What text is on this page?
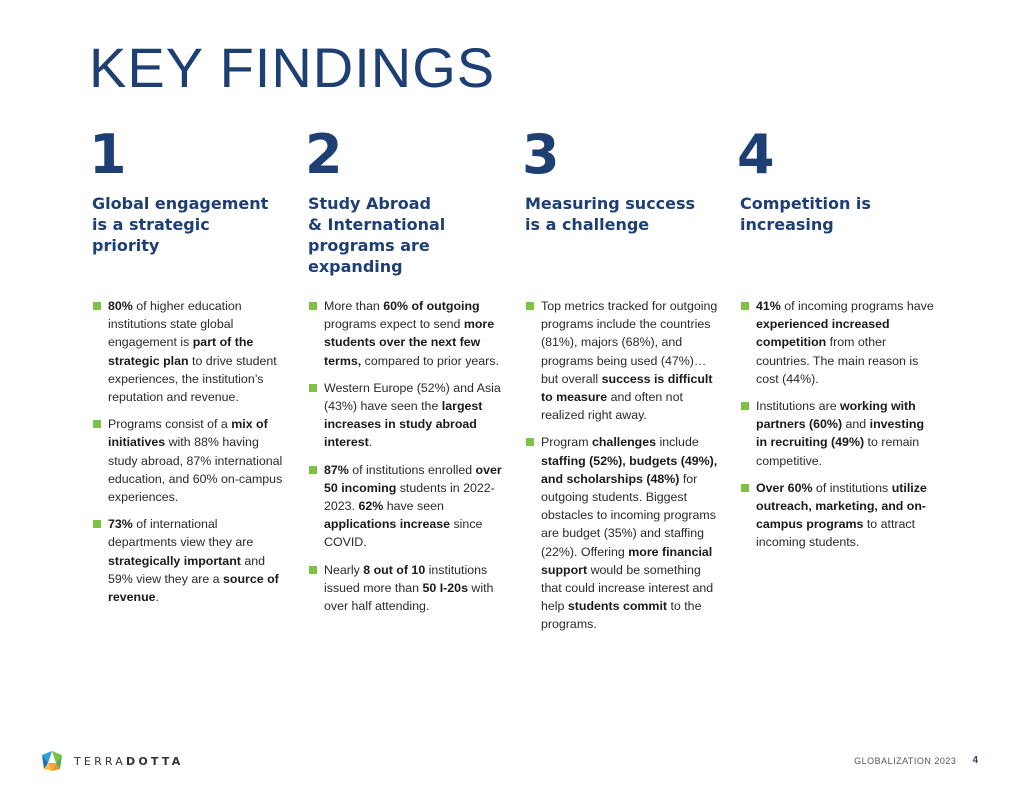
KEY FINDINGS
1
Global engagement
is a strategic
priority
80% of higher education institutions state global engagement is part of the strategic plan to drive student experiences, the institution’s reputation and revenue.
Programs consist of a mix of initiatives with 88% having study abroad, 87% international education, and 60% on-campus experiences.
73% of international departments view they are strategically important and 59% view they are a source of revenue.
2
Study Abroad
& International
programs are
expanding
More than 60% of outgoing programs expect to send more students over the next few terms, compared to prior years.
Western Europe (52%) and Asia (43%) have seen the largest increases in study abroad interest.
87% of institutions enrolled over 50 incoming students in 2022-2023. 62% have seen applications increase since COVID.
Nearly 8 out of 10 institutions issued more than 50 I-20s with over half attending.
3
Measuring success
is a challenge
Top metrics tracked for outgoing programs include the countries (81%), majors (68%), and programs being used (47%)…but overall success is difficult to measure and often not realized right away.
Program challenges include staffing (52%), budgets (49%), and scholarships (48%) for outgoing students. Biggest obstacles to incoming programs are budget (35%) and staffing (22%). Offering more financial support would be something that could increase interest and help students commit to the programs.
4
Competition is
increasing
41% of incoming programs have experienced increased competition from other countries. The main reason is cost (44%).
Institutions are working with partners (60%) and investing in recruiting (49%) to remain competitive.
Over 60% of institutions utilize outreach, marketing, and on-campus programs to attract incoming students.
TERRADOTTA	GLOBALIZATION 2023 4
